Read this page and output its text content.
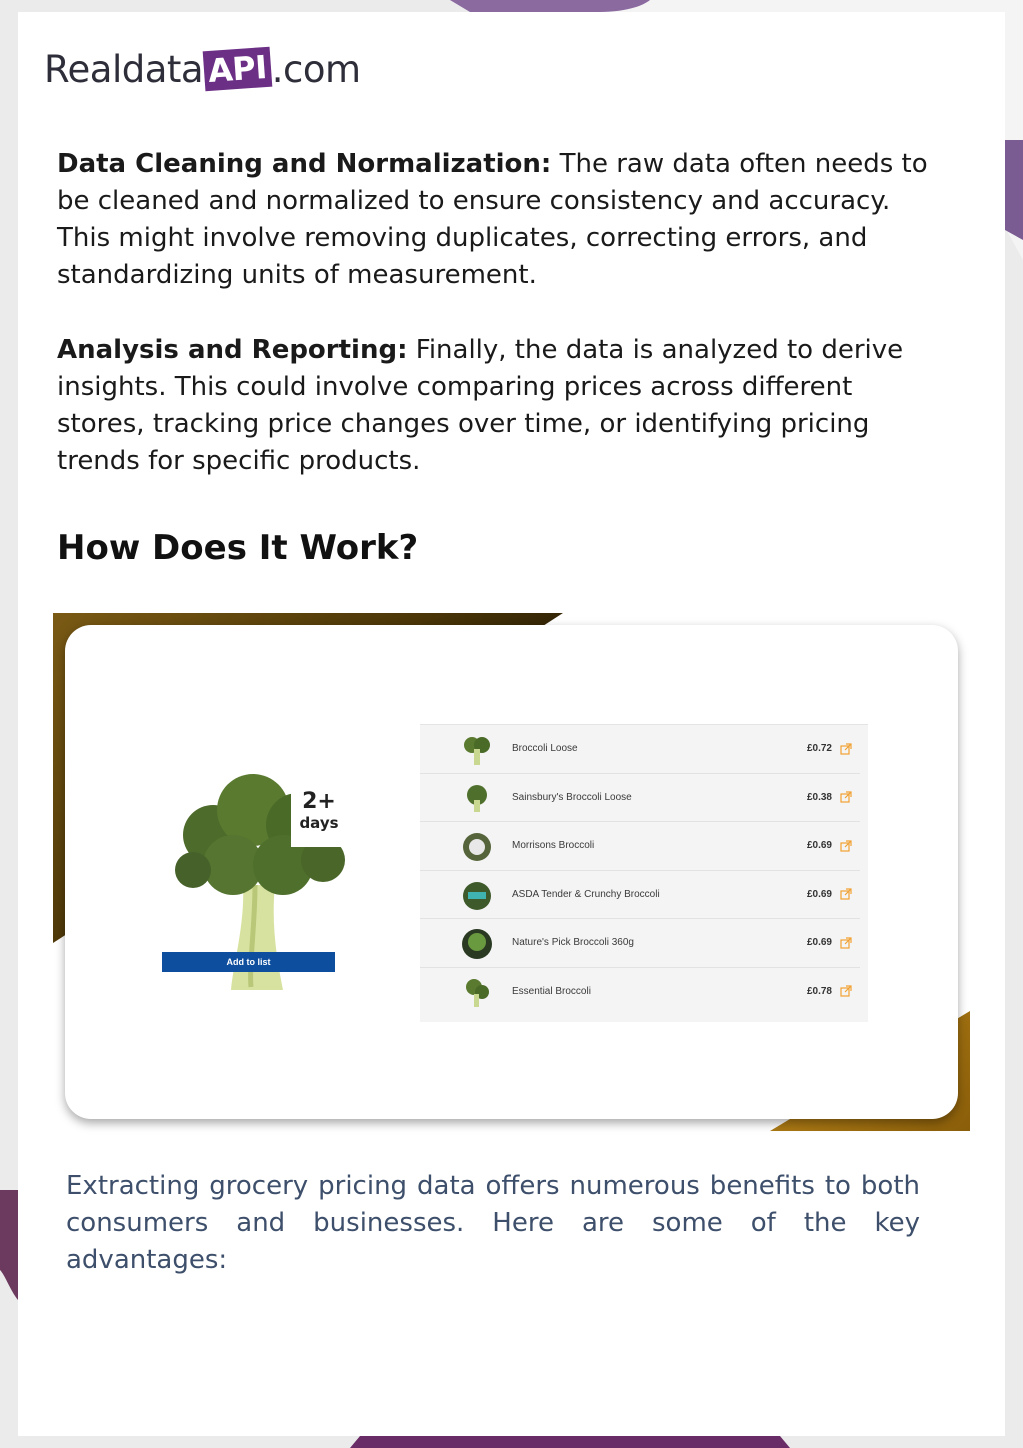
Realdata API .com
Data Cleaning and Normalization: The raw data often needs to be cleaned and normalized to ensure consistency and accuracy. This might involve removing duplicates, correcting errors, and standardizing units of measurement.
Analysis and Reporting: Finally, the data is analyzed to derive insights. This could involve comparing prices across different stores, tracking price changes over time, or identifying pricing trends for specific products.
How Does It Work?
2+
days
Add to list
Broccoli Loose	£0.72
Sainsbury's Broccoli Loose	£0.38
Morrisons Broccoli	£0.69
ASDA Tender & Crunchy Broccoli	£0.69
Nature's Pick Broccoli 360g	£0.69
Essential Broccoli	£0.78
Extracting grocery pricing data offers numerous benefits to both consumers and businesses. Here are some of the key advantages:
